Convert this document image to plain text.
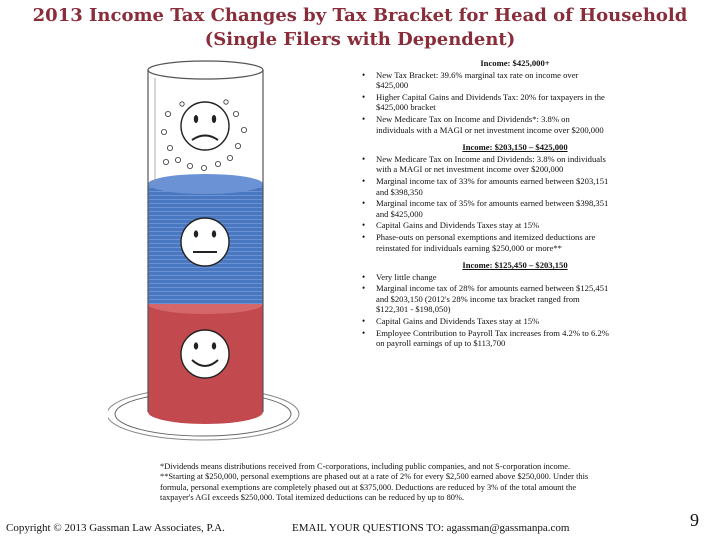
2013 Income Tax Changes by Tax Bracket for Head of Household
(Single Filers with Dependent)
Income: $425,000+
• New Tax Bracket: 39.6% marginal tax rate on income over $425,000
• Higher Capital Gains and Dividends Tax: 20% for taxpayers in the $425,000 bracket
• New Medicare Tax on Income and Dividends*: 3.8% on individuals with a MAGI or net investment income over $200,000
Income: $203,150 – $425,000
• New Medicare Tax on Income and Dividends: 3.8% on individuals with a MAGI or net investment income over $200,000
• Marginal income tax of 33% for amounts earned between $203,151 and $398,350
• Marginal income tax of 35% for amounts earned between $398,351 and $425,000
• Capital Gains and Dividends Taxes stay at 15%
• Phase-outs on personal exemptions and itemized deductions are reinstated for individuals earning $250,000 or more**
Income: $125,450 – $203,150
• Very little change
• Marginal income tax of 28% for amounts earned between $125,451 and $203,150 (2012's 28% income tax bracket ranged from $122,301 - $198,050)
• Capital Gains and Dividends Taxes stay at 15%
• Employee Contribution to Payroll Tax increases from 4.2% to 6.2% on payroll earnings of up to $113,700

*Dividends means distributions received from C-corporations, including public companies, and not S-corporation income.

**Starting at $250,000, personal exemptions are phased out at a rate of 2% for every $2,500 earned above $250,000. Under this formula, personal exemptions are completely phased out at $375,000. Deductions are reduced by 3% of the total amount the taxpayer's AGI exceeds $250,000. Total itemized deductions can be reduced by up to 80%.

Copyright © 2013 Gassman Law Associates, P.A.	EMAIL YOUR QUESTIONS TO: agassman@gassmanpa.com	9
